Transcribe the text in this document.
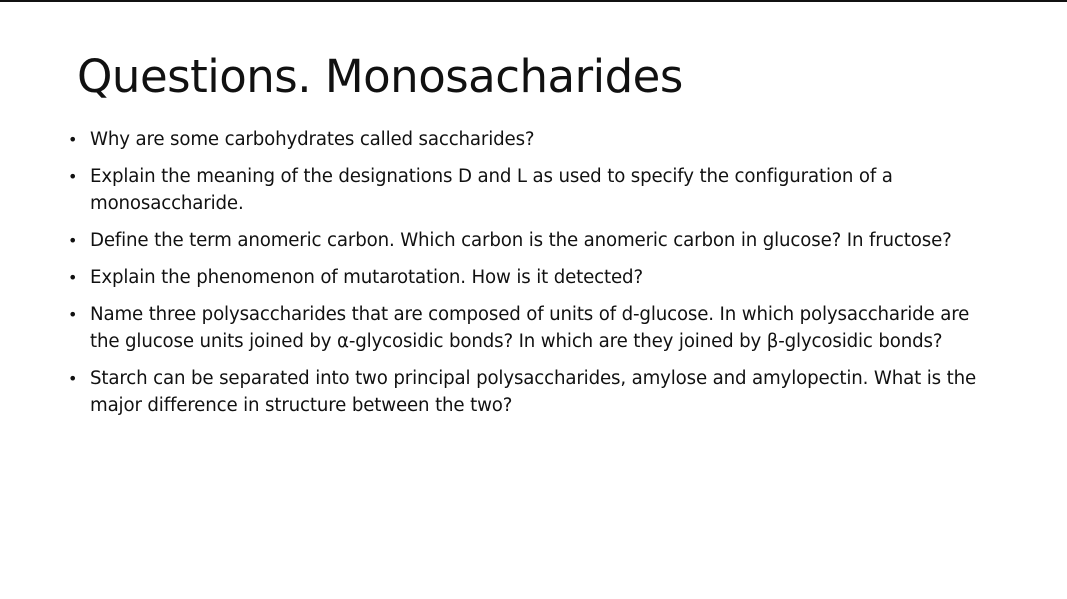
Questions. Monosacharides
• Why are some carbohydrates called saccharides?
• Explain the meaning of the designations D and L as used to specify the configuration of a monosaccharide.
• Define the term anomeric carbon. Which carbon is the anomeric carbon in glucose? In fructose?
• Explain the phenomenon of mutarotation. How is it detected?
• Name three polysaccharides that are composed of units of d-glucose. In which polysaccharide are the glucose units joined by α-glycosidic bonds? In which are they joined by β-glycosidic bonds?
• Starch can be separated into two principal polysaccharides, amylose and amylopectin. What is the major difference in structure between the two?
